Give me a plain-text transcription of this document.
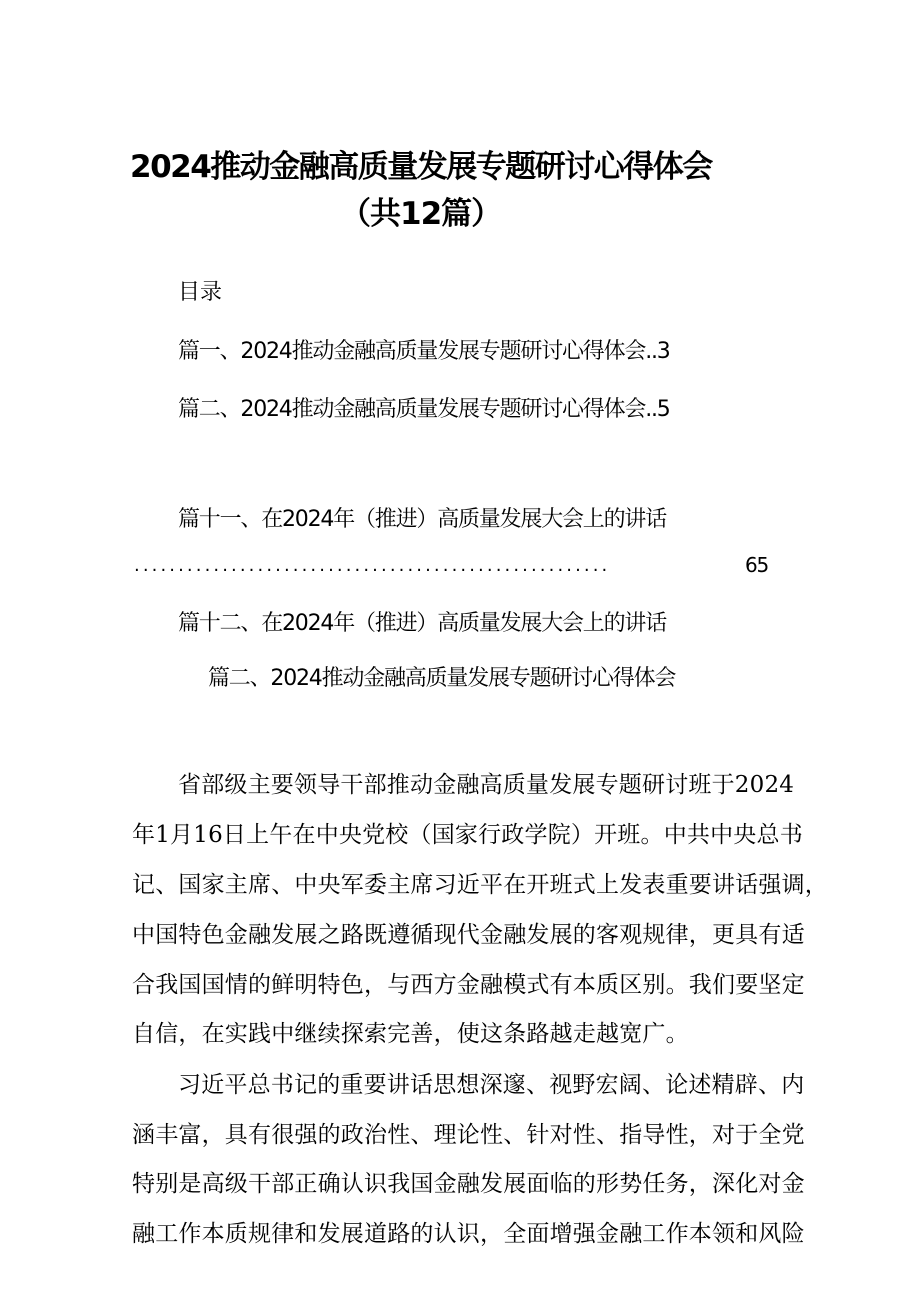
2024推动金融高质量发展专题研讨心得体会
（共12篇）
目录
篇一、2024推动金融高质量发展专题研讨心得体会..3
篇二、2024推动金融高质量发展专题研讨心得体会..5
篇十一、在2024年（推进）高质量发展大会上的讲话
......................................................	65
篇十二、在2024年（推进）高质量发展大会上的讲话
篇二、2024推动金融高质量发展专题研讨心得体会
省部级主要领导干部推动金融高质量发展专题研讨班于2024
年1月16日上午在中央党校（国家行政学院）开班。中共中央总书
记、国家主席、中央军委主席习近平在开班式上发表重要讲话强调，
中国特色金融发展之路既遵循现代金融发展的客观规律，更具有适
合我国国情的鲜明特色，与西方金融模式有本质区别。我们要坚定
自信，在实践中继续探索完善，使这条路越走越宽广。
习近平总书记的重要讲话思想深邃、视野宏阔、论述精辟、内
涵丰富，具有很强的政治性、理论性、针对性、指导性，对于全党
特别是高级干部正确认识我国金融发展面临的形势任务，深化对金
融工作本质规律和发展道路的认识，全面增强金融工作本领和风险
